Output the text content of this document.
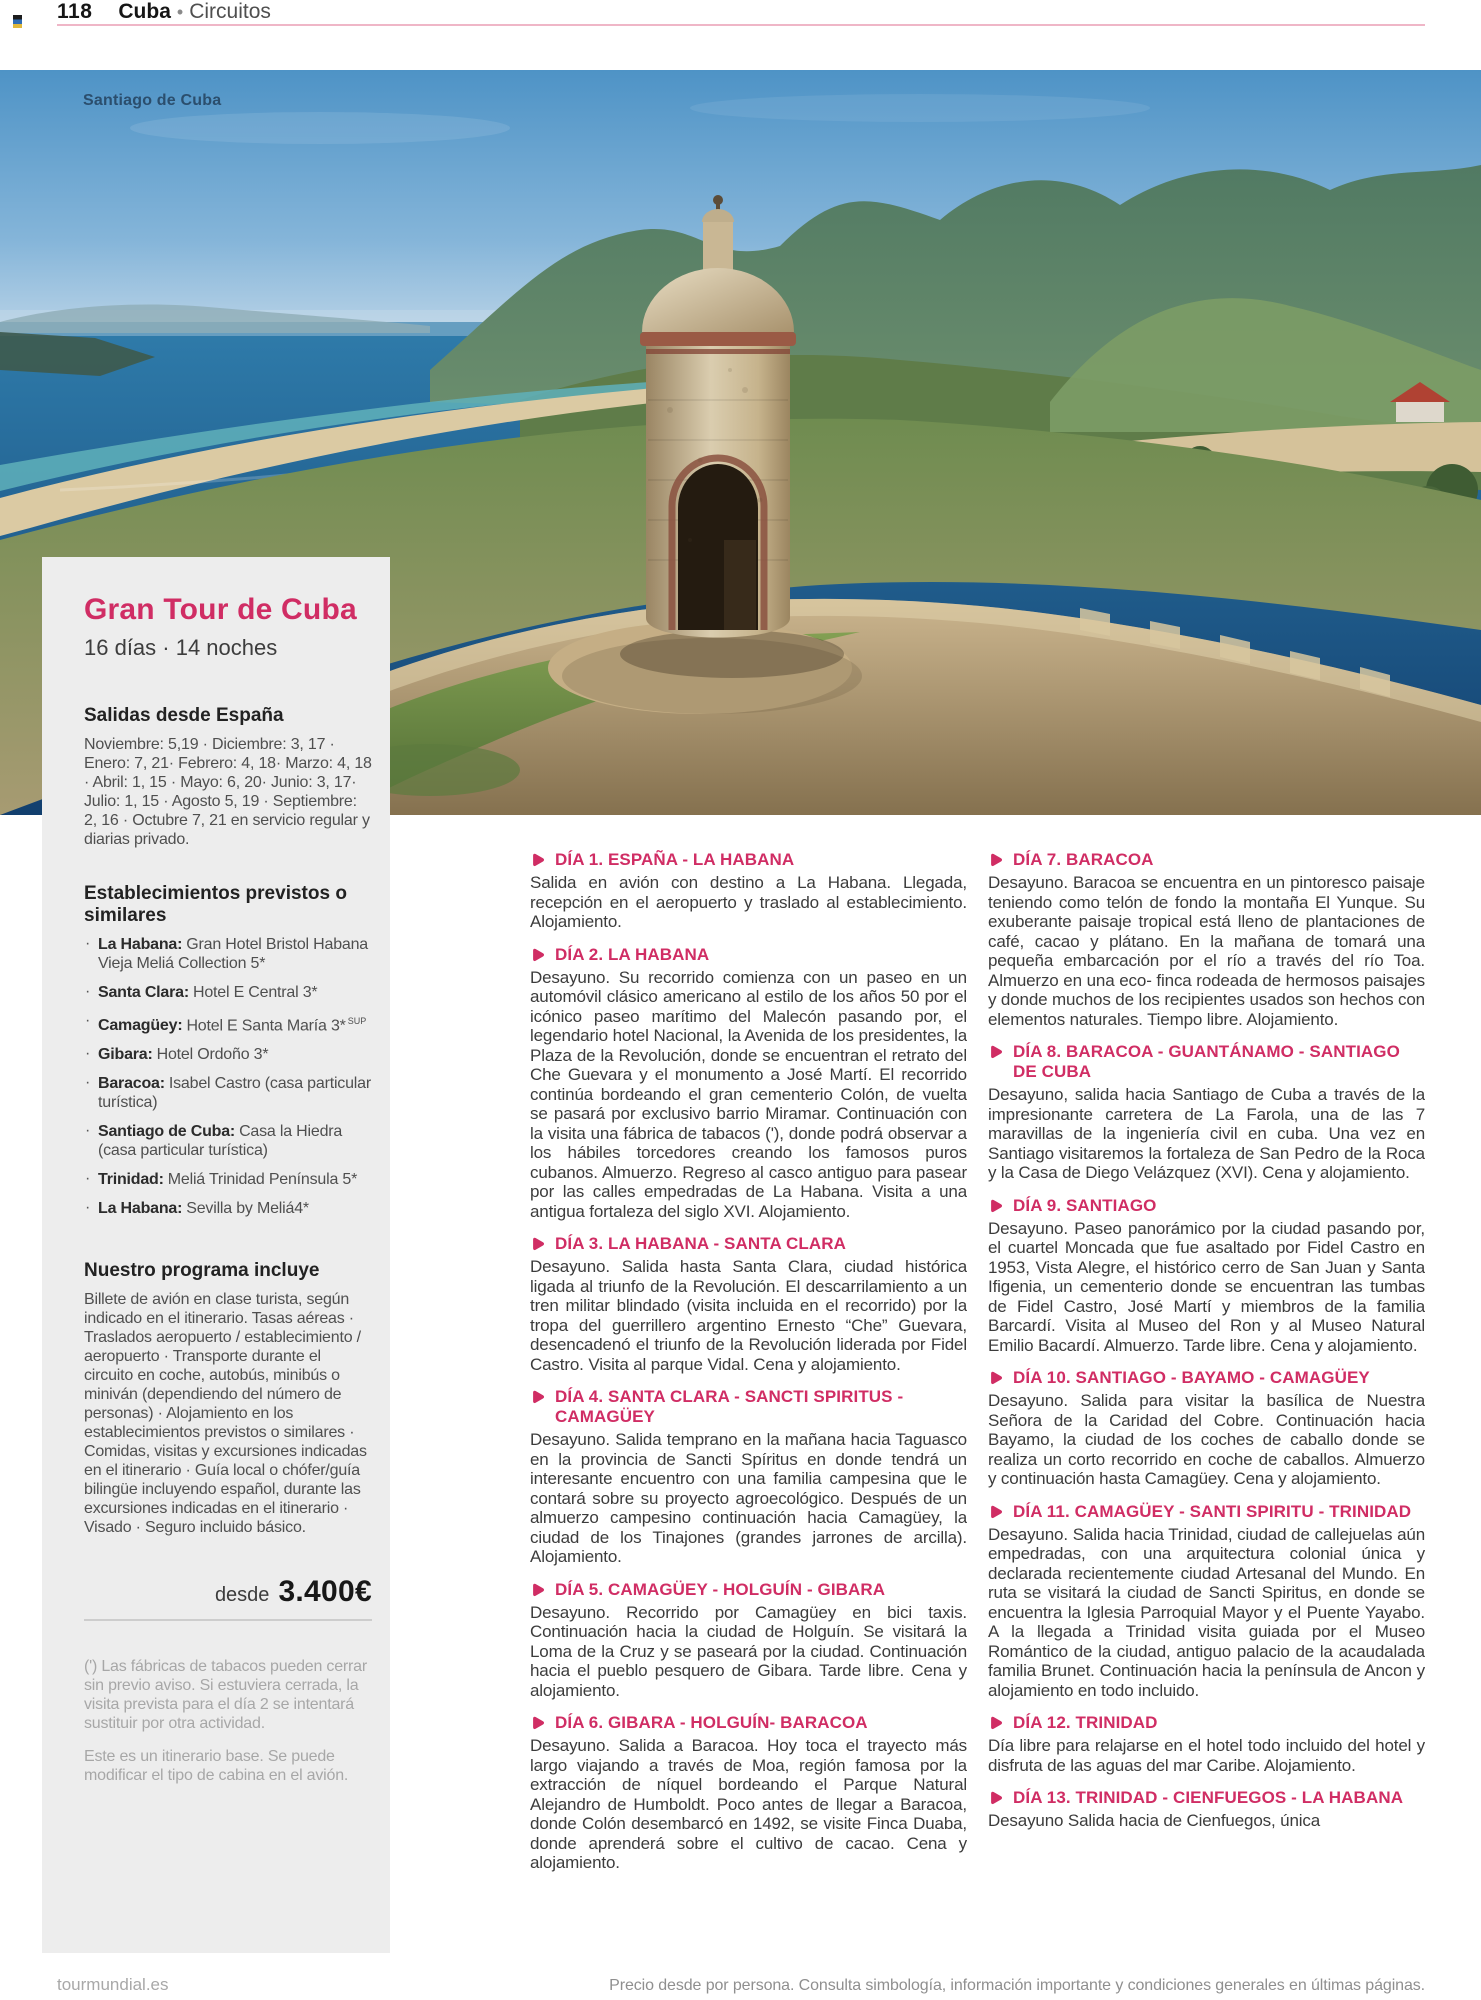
118 Cuba • Circuitos
Santiago de Cuba
Gran Tour de Cuba

16 días · 14 noches

Salidas desde España

Noviembre: 5,19 · Diciembre: 3, 17 · Enero: 7, 21· Febrero: 4, 18· Marzo: 4, 18 · Abril: 1, 15 · Mayo: 6, 20· Junio: 3, 17· Julio: 1, 15 · Agosto 5, 19 · Septiembre: 2, 16 · Octubre 7, 21 en servicio regular y diarias privado.

Establecimientos previstos o similares
· La Habana: Gran Hotel Bristol Habana Vieja Meliá Collection 5*
· Santa Clara: Hotel E Central 3*
· Camagüey: Hotel E Santa María 3* $^{SUP}$
· Gibara: Hotel Ordoño 3*
· Baracoa: Isabel Castro (casa particular turística)
· Santiago de Cuba: Casa la Hiedra (casa particular turística)
· Trinidad: Meliá Trinidad Península 5*
· La Habana: Sevilla by Meliá4*
Nuestro programa incluye

Billete de avión en clase turista, según indicado en el itinerario. Tasas aéreas · Traslados aeropuerto / establecimiento / aeropuerto · Transporte durante el circuito en coche, autobús, minibús o miniván (dependiendo del número de personas) · Alojamiento en los establecimientos previstos o similares · Comidas, visitas y excursiones indicadas en el itinerario · Guía local o chófer/guía bilingüe incluyendo español, durante las excursiones indicadas en el itinerario · Visado · Seguro incluido básico.

desde 3.400€

(') Las fábricas de tabacos pueden cerrar sin previo aviso. Si estuviera cerrada, la visita prevista para el día 2 se intentará sustituir por otra actividad.

Este es un itinerario base. Se puede modificar el tipo de cabina en el avión.

DÍA 1. ESPAÑA - LA HABANA

Salida en avión con destino a La Habana. Llegada, recepción en el aeropuerto y traslado al establecimiento. Alojamiento.

DÍA 2. LA HABANA

Desayuno. Su recorrido comienza con un paseo en un automóvil clásico americano al estilo de los años 50 por el icónico paseo marítimo del Malecón pasando por, el legendario hotel Nacional, la Avenida de los presidentes, la Plaza de la Revolución, donde se encuentran el retrato del Che Guevara y el monumento a José Martí. El recorrido continúa bordeando el gran cementerio Colón, de vuelta se pasará por exclusivo barrio Miramar. Continuación con la visita una fábrica de tabacos ('), donde podrá observar a los hábiles torcedores creando los famosos puros cubanos. Almuerzo. Regreso al casco antiguo para pasear por las calles empedradas de La Habana. Visita a una antigua fortaleza del siglo XVI. Alojamiento.

DÍA 3. LA HABANA - SANTA CLARA

Desayuno. Salida hasta Santa Clara, ciudad histórica ligada al triunfo de la Revolución. El descarrilamiento a un tren militar blindado (visita incluida en el recorrido) por la tropa del guerrillero argentino Ernesto “Che” Guevara, desencadenó el triunfo de la Revolución liderada por Fidel Castro. Visita al parque Vidal. Cena y alojamiento.

DÍA 4. SANTA CLARA - SANCTI SPIRITUS - CAMAGÜEY

Desayuno. Salida temprano en la mañana hacia Taguasco en la provincia de Sancti Spíritus en donde tendrá un interesante encuentro con una familia campesina que le contará sobre su proyecto agroecológico. Después de un almuerzo campesino continuación hacia Camagüey, la ciudad de los Tinajones (grandes jarrones de arcilla). Alojamiento.

DÍA 5. CAMAGÜEY - HOLGUÍN - GIBARA

Desayuno. Recorrido por Camagüey en bici taxis. Continuación hacia la ciudad de Holguín. Se visitará la Loma de la Cruz y se paseará por la ciudad. Continuación hacia el pueblo pesquero de Gibara. Tarde libre. Cena y alojamiento.

DÍA 6. GIBARA - HOLGUÍN- BARACOA

Desayuno. Salida a Baracoa. Hoy toca el trayecto más largo viajando a través de Moa, región famosa por la extracción de níquel bordeando el Parque Natural Alejandro de Humboldt. Poco antes de llegar a Baracoa, donde Colón desembarcó en 1492, se visite Finca Duaba, donde aprenderá sobre el cultivo de cacao. Cena y alojamiento.

DÍA 7. BARACOA

Desayuno. Baracoa se encuentra en un pintoresco paisaje teniendo como telón de fondo la montaña El Yunque. Su exuberante paisaje tropical está lleno de plantaciones de café, cacao y plátano. En la mañana de tomará una pequeña embarcación por el río a través del río Toa. Almuerzo en una eco- finca rodeada de hermosos paisajes y donde muchos de los recipientes usados son hechos con elementos naturales. Tiempo libre. Alojamiento.

DÍA 8. BARACOA - GUANTÁNAMO - SANTIAGO DE CUBA

Desayuno, salida hacia Santiago de Cuba a través de la impresionante carretera de La Farola, una de las 7 maravillas de la ingeniería civil en cuba. Una vez en Santiago visitaremos la fortaleza de San Pedro de la Roca y la Casa de Diego Velázquez (XVI). Cena y alojamiento.

DÍA 9. SANTIAGO

Desayuno. Paseo panorámico por la ciudad pasando por, el cuartel Moncada que fue asaltado por Fidel Castro en 1953, Vista Alegre, el histórico cerro de San Juan y Santa Ifigenia, un cementerio donde se encuentran las tumbas de Fidel Castro, José Martí y miembros de la familia Barcardí. Visita al Museo del Ron y al Museo Natural Emilio Bacardí. Almuerzo. Tarde libre. Cena y alojamiento.

DÍA 10. SANTIAGO - BAYAMO - CAMAGÜEY

Desayuno. Salida para visitar la basílica de Nuestra Señora de la Caridad del Cobre. Continuación hacia Bayamo, la ciudad de los coches de caballo donde se realiza un corto recorrido en coche de caballos. Almuerzo y continuación hasta Camagüey. Cena y alojamiento.

DÍA 11. CAMAGÜEY - SANTI SPIRITU - TRINIDAD

Desayuno. Salida hacia Trinidad, ciudad de callejuelas aún empedradas, con una arquitectura colonial única y declarada recientemente ciudad Artesanal del Mundo. En ruta se visitará la ciudad de Sancti Spiritus, en donde se encuentra la Iglesia Parroquial Mayor y el Puente Yayabo. A la llegada a Trinidad visita guiada por el Museo Romántico de la ciudad, antiguo palacio de la acaudalada familia Brunet. Continuación hacia la península de Ancon y alojamiento en todo incluido.

DÍA 12. TRINIDAD

Día libre para relajarse en el hotel todo incluido del hotel y disfruta de las aguas del mar Caribe. Alojamiento.

DÍA 13. TRINIDAD - CIENFUEGOS - LA HABANA

Desayuno Salida hacia de Cienfuegos, única

tourmundial.es	Precio desde por persona. Consulta simbología, información importante y condiciones generales en últimas páginas.
